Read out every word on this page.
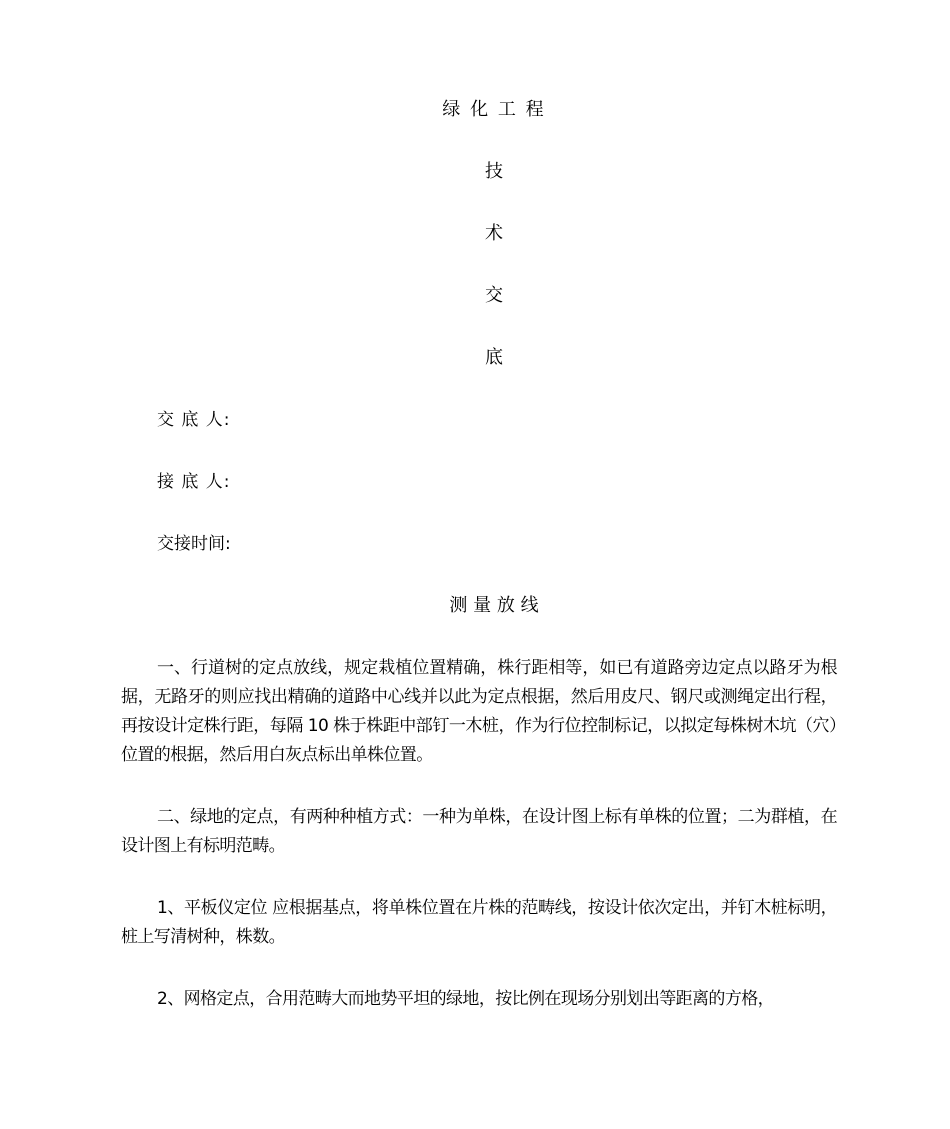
绿 化 工 程
技
术
交
底

交 底 人:

接 底 人:

交接时间:

测 量 放 线

一、行道树的定点放线，规定栽植位置精确，株行距相等，如已有道路旁边定点以路牙为根据，无路牙的则应找出精确的道路中心线并以此为定点根据，然后用皮尺、钢尺或测绳定出行程，再按设计定株行距，每隔 10 株于株距中部钉一木桩，作为行位控制标记，以拟定每株树木坑（穴）位置的根据，然后用白灰点标出单株位置。

二、绿地的定点，有两种种植方式：一种为单株，在设计图上标有单株的位置；二为群植，在设计图上有标明范畴。

1、平板仪定位 应根据基点，将单株位置在片株的范畴线，按设计依次定出，并钉木桩标明，桩上写清树种，株数。

2、网格定点，合用范畴大而地势平坦的绿地，按比例在现场分别划出等距离的方格，
